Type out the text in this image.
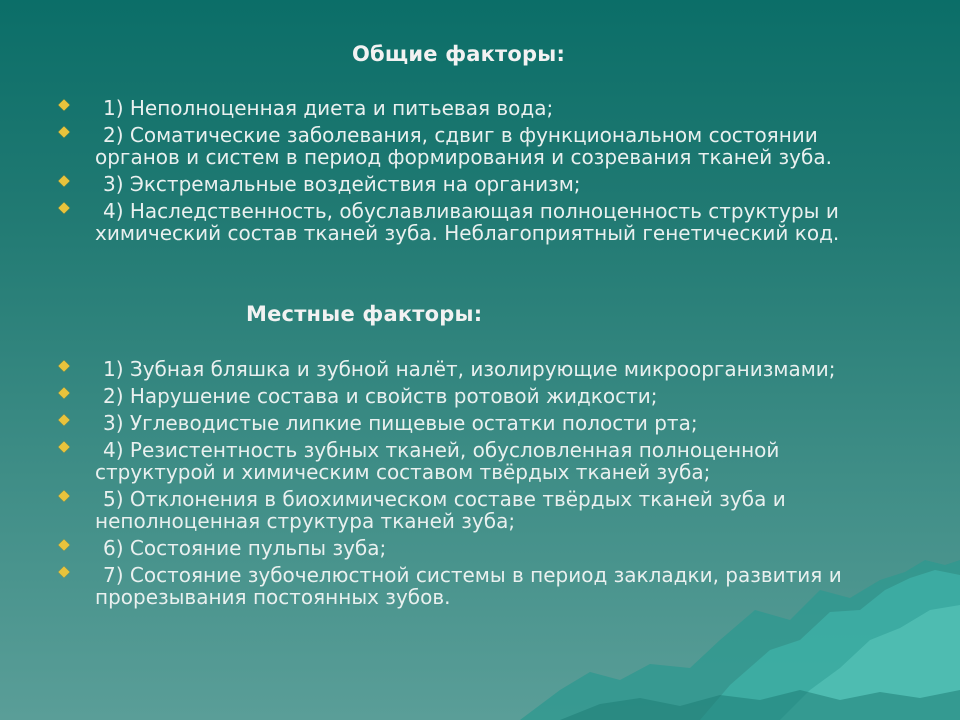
Общие факторы:
1) Неполноценная диета и питьевая вода;
2) Соматические заболевания, сдвиг в функциональном состоянии органов и систем в период формирования и созревания тканей зуба.
3) Экстремальные воздействия на организм;
4) Наследственность, обуславливающая полноценность структуры и химический состав тканей зуба. Неблагоприятный генетический код.
Местные факторы:
1) Зубная бляшка и зубной налёт, изолирующие микроорганизмами;
2) Нарушение состава и свойств ротовой жидкости;
3) Углеводистые липкие пищевые остатки полости рта;
4) Резистентность зубных тканей, обусловленная полноценной структурой и химическим составом твёрдых тканей зуба;
5) Отклонения в биохимическом составе твёрдых тканей зуба и неполноценная структура тканей зуба;
6) Состояние пульпы зуба;
7) Состояние зубочелюстной системы в период закладки, развития и прорезывания постоянных зубов.
